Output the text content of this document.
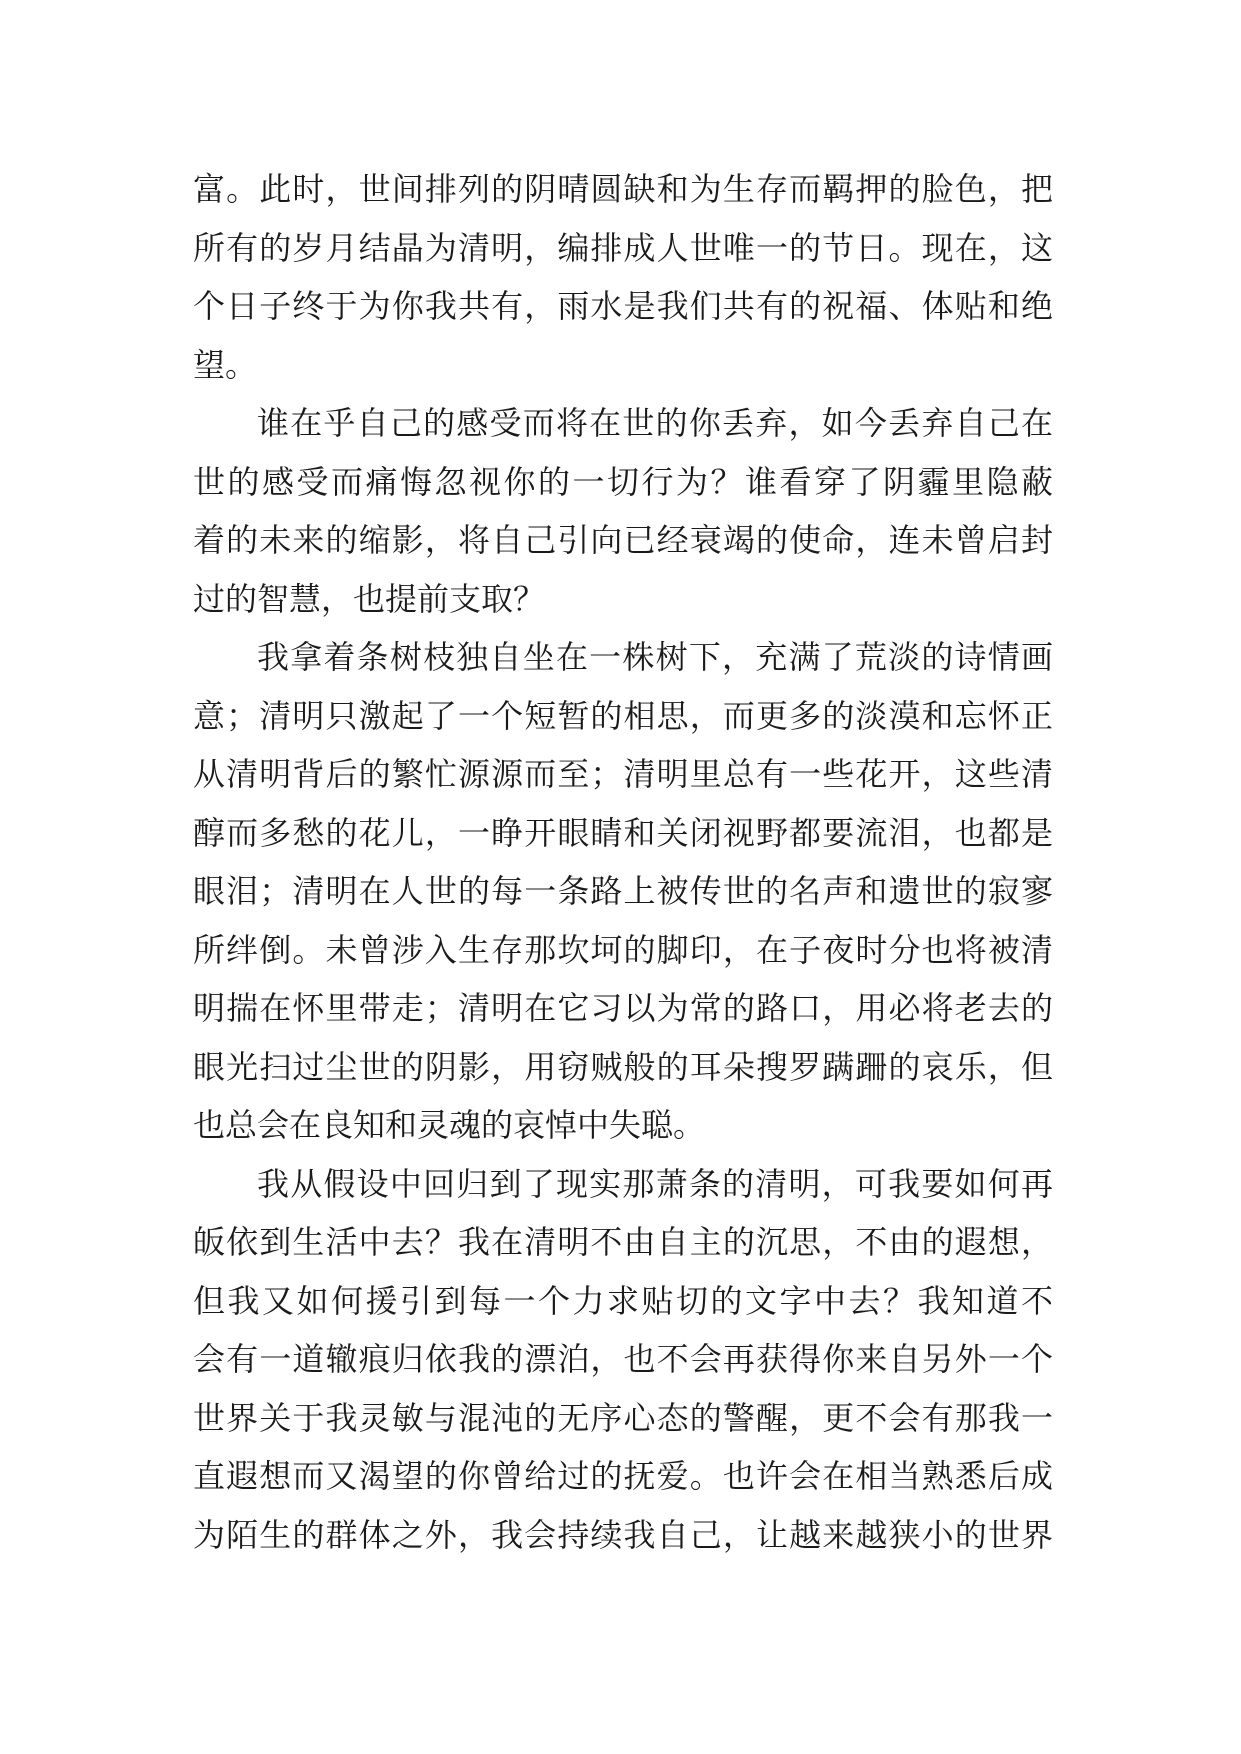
富。此时，世间排列的阴晴圆缺和为生存而羁押的脸色，把
所有的岁月结晶为清明，编排成人世唯一的节日。现在，这
个日子终于为你我共有，雨水是我们共有的祝福、体贴和绝
望。
谁在乎自己的感受而将在世的你丢弃，如今丢弃自己在
世的感受而痛悔忽视你的一切行为？谁看穿了阴霾里隐蔽
着的未来的缩影，将自己引向已经衰竭的使命，连未曾启封
过的智慧，也提前支取？
我拿着条树枝独自坐在一株树下，充满了荒淡的诗情画
意；清明只激起了一个短暂的相思，而更多的淡漠和忘怀正
从清明背后的繁忙源源而至；清明里总有一些花开，这些清
醇而多愁的花儿，一睁开眼睛和关闭视野都要流泪，也都是
眼泪；清明在人世的每一条路上被传世的名声和遗世的寂寥
所绊倒。未曾涉入生存那坎坷的脚印，在子夜时分也将被清
明揣在怀里带走；清明在它习以为常的路口，用必将老去的
眼光扫过尘世的阴影，用窃贼般的耳朵搜罗蹒跚的哀乐，但
也总会在良知和灵魂的哀悼中失聪。
我从假设中回归到了现实那萧条的清明，可我要如何再
皈依到生活中去？我在清明不由自主的沉思，不由的遐想，
但我又如何援引到每一个力求贴切的文字中去？我知道不
会有一道辙痕归依我的漂泊，也不会再获得你来自另外一个
世界关于我灵敏与混沌的无序心态的警醒，更不会有那我一
直遐想而又渴望的你曾给过的抚爱。也许会在相当熟悉后成
为陌生的群体之外，我会持续我自己，让越来越狭小的世界
